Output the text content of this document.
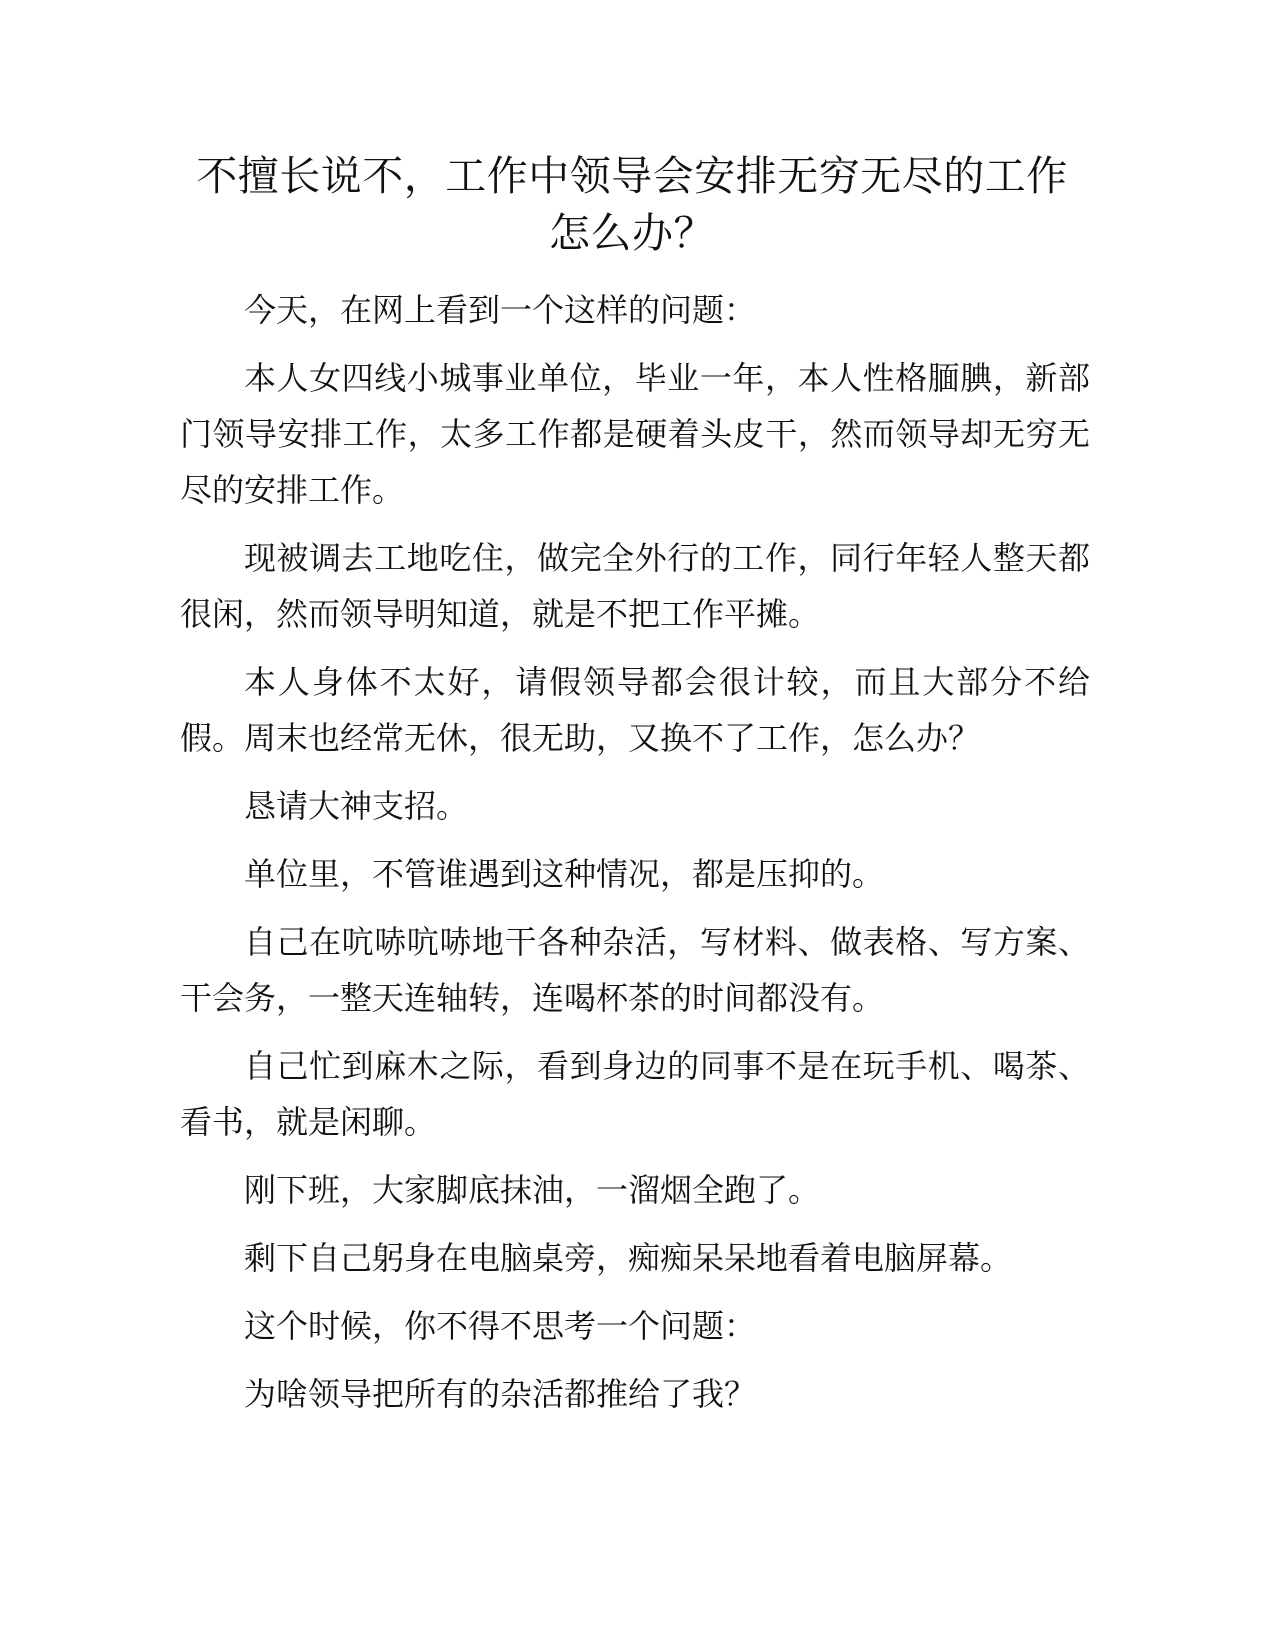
不擅长说不，工作中领导会安排无穷无尽的工作怎么办？

今天，在网上看到一个这样的问题：

本人女四线小城事业单位，毕业一年，本人性格腼腆，新部门领导安排工作，太多工作都是硬着头皮干，然而领导却无穷无尽的安排工作。

现被调去工地吃住，做完全外行的工作，同行年轻人整天都很闲，然而领导明知道，就是不把工作平摊。

本人身体不太好，请假领导都会很计较，而且大部分不给假。周末也经常无休，很无助，又换不了工作，怎么办？

恳请大神支招。

单位里，不管谁遇到这种情况，都是压抑的。

自己在吭哧吭哧地干各种杂活，写材料、做表格、写方案、干会务，一整天连轴转，连喝杯茶的时间都没有。

自己忙到麻木之际，看到身边的同事不是在玩手机、喝茶、看书，就是闲聊。

刚下班，大家脚底抹油，一溜烟全跑了。

剩下自己躬身在电脑桌旁，痴痴呆呆地看着电脑屏幕。

这个时候，你不得不思考一个问题：

为啥领导把所有的杂活都推给了我？
